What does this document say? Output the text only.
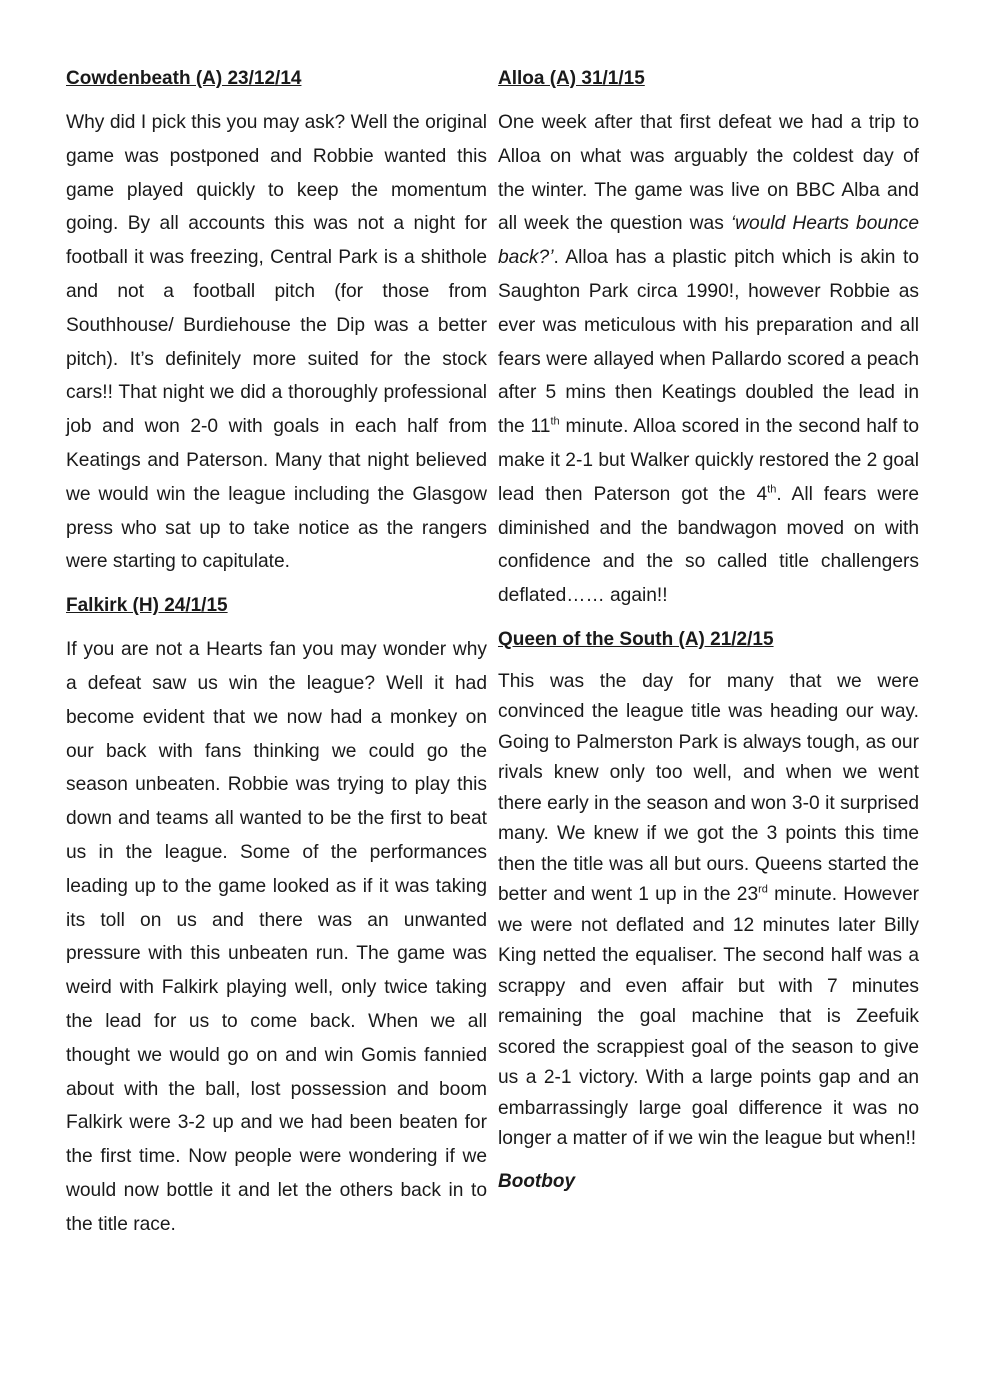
Cowdenbeath (A) 23/12/14

Why did I pick this you may ask? Well the original game was postponed and Robbie wanted this game played quickly to keep the momentum going. By all accounts this was not a night for football it was freezing, Central Park is a shithole and not a football pitch (for those from Southhouse/ Burdiehouse the Dip was a better pitch). It’s definitely more suited for the stock cars!! That night we did a thoroughly professional job and won 2-0 with goals in each half from Keatings and Paterson. Many that night believed we would win the league including the Glasgow press who sat up to take notice as the rangers were starting to capitulate.

Falkirk (H) 24/1/15

If you are not a Hearts fan you may wonder why a defeat saw us win the league? Well it had become evident that we now had a monkey on our back with fans thinking we could go the season unbeaten. Robbie was trying to play this down and teams all wanted to be the first to beat us in the league. Some of the performances leading up to the game looked as if it was taking its toll on us and there was an unwanted pressure with this unbeaten run. The game was weird with Falkirk playing well, only twice taking the lead for us to come back. When we all thought we would go on and win Gomis fannied about with the ball, lost possession and boom Falkirk were 3-2 up and we had been beaten for the first time. Now people were wondering if we would now bottle it and let the others back in to the title race.

Alloa (A) 31/1/15

One week after that first defeat we had a trip to Alloa on what was arguably the coldest day of the winter. The game was live on BBC Alba and all week the question was ‘would Hearts bounce back?’. Alloa has a plastic pitch which is akin to Saughton Park circa 1990!, however Robbie as ever was meticulous with his preparation and all fears were allayed when Pallardo scored a peach after 5 mins then Keatings doubled the lead in the 11th minute. Alloa scored in the second half to make it 2-1 but Walker quickly restored the 2 goal lead then Paterson got the 4th. All fears were diminished and the bandwagon moved on with confidence and the so called title challengers deflated…… again!!

Queen of the South (A) 21/2/15

This was the day for many that we were convinced the league title was heading our way. Going to Palmerston Park is always tough, as our rivals knew only too well, and when we went there early in the season and won 3-0 it surprised many. We knew if we got the 3 points this time then the title was all but ours. Queens started the better and went 1 up in the 23rd minute. However we were not deflated and 12 minutes later Billy King netted the equaliser. The second half was a scrappy and even affair but with 7 minutes remaining the goal machine that is Zeefuik scored the scrappiest goal of the season to give us a 2-1 victory. With a large points gap and an embarrassingly large goal difference it was no longer a matter of if we win the league but when!!

Bootboy
